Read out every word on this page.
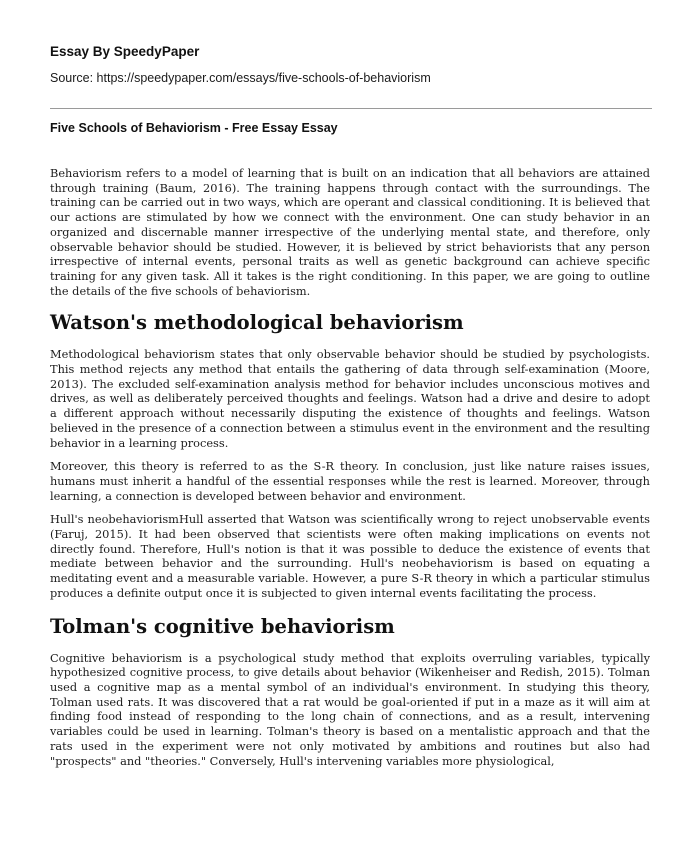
Essay By SpeedyPaper

Source: https://speedypaper.com/essays/five-schools-of-behaviorism

Five Schools of Behaviorism - Free Essay Essay

Behaviorism refers to a model of learning that is built on an indication that all behaviors are attained through training (Baum, 2016). The training happens through contact with the surroundings. The training can be carried out in two ways, which are operant and classical conditioning. It is believed that our actions are stimulated by how we connect with the environment. One can study behavior in an organized and discernable manner irrespective of the underlying mental state, and therefore, only observable behavior should be studied. However, it is believed by strict behaviorists that any person irrespective of internal events, personal traits as well as genetic background can achieve specific training for any given task. All it takes is the right conditioning. In this paper, we are going to outline the details of the five schools of behaviorism.

Watson's methodological behaviorism

Methodological behaviorism states that only observable behavior should be studied by psychologists. This method rejects any method that entails the gathering of data through self-examination (Moore, 2013). The excluded self-examination analysis method for behavior includes unconscious motives and drives, as well as deliberately perceived thoughts and feelings. Watson had a drive and desire to adopt a different approach without necessarily disputing the existence of thoughts and feelings. Watson believed in the presence of a connection between a stimulus event in the environment and the resulting behavior in a learning process.

Moreover, this theory is referred to as the S-R theory. In conclusion, just like nature raises issues, humans must inherit a handful of the essential responses while the rest is learned. Moreover, through learning, a connection is developed between behavior and environment.

Hull's neobehaviorismHull asserted that Watson was scientifically wrong to reject unobservable events (Faruj, 2015). It had been observed that scientists were often making implications on events not directly found. Therefore, Hull's notion is that it was possible to deduce the existence of events that mediate between behavior and the surrounding. Hull's neobehaviorism is based on equating a meditating event and a measurable variable. However, a pure S-R theory in which a particular stimulus produces a definite output once it is subjected to given internal events facilitating the process.

Tolman's cognitive behaviorism

Cognitive behaviorism is a psychological study method that exploits overruling variables, typically hypothesized cognitive process, to give details about behavior (Wikenheiser and Redish, 2015). Tolman used a cognitive map as a mental symbol of an individual's environment. In studying this theory, Tolman used rats. It was discovered that a rat would be goal-oriented if put in a maze as it will aim at finding food instead of responding to the long chain of connections, and as a result, intervening variables could be used in learning. Tolman's theory is based on a mentalistic approach and that the rats used in the experiment were not only motivated by ambitions and routines but also had "prospects" and "theories." Conversely, Hull's intervening variables more physiological,
